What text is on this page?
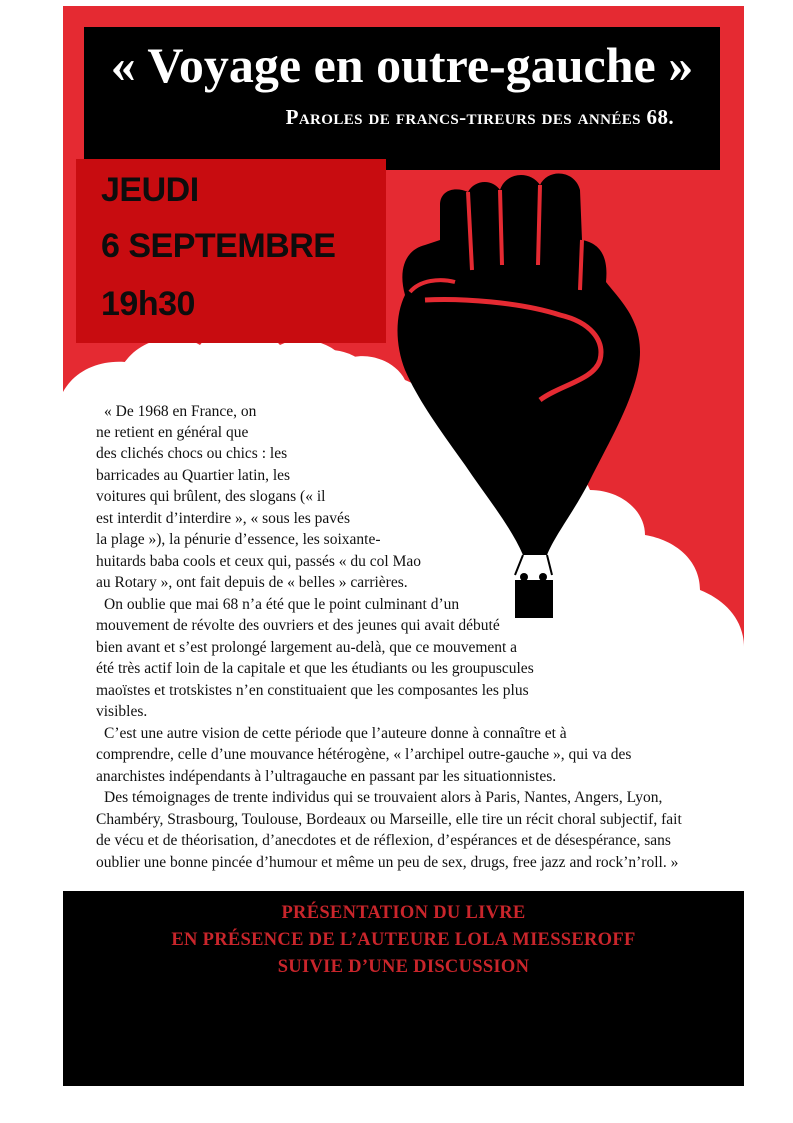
« Voyage en outre-gauche »
Paroles de francs-tireurs des années 68.
JEUDI
6 SEPTEMBRE
19h30
« De 1968 en France, on
ne retient en général que
des clichés chocs ou chics : les
barricades au Quartier latin, les
voitures qui brûlent, des slogans (« il
est interdit d’interdire », « sous les pavés
la plage »), la pénurie d’essence, les soixante-
huitards baba cools et ceux qui, passés « du col Mao
au Rotary », ont fait depuis de « belles » carrières.
On oublie que mai 68 n’a été que le point culminant d’un
mouvement de révolte des ouvriers et des jeunes qui avait débuté
bien avant et s’est prolongé largement au-delà, que ce mouvement a
été très actif loin de la capitale et que les étudiants ou les groupuscules
maoïstes et trotskistes n’en constituaient que les composantes les plus
visibles.
C’est une autre vision de cette période que l’auteure donne à connaître et à
comprendre, celle d’une mouvance hétérogène, « l’archipel outre-gauche », qui va des
anarchistes indépendants à l’ultragauche en passant par les situationnistes.
Des témoignages de trente individus qui se trouvaient alors à Paris, Nantes, Angers, Lyon,
Chambéry, Strasbourg, Toulouse, Bordeaux ou Marseille, elle tire un récit choral subjectif, fait
de vécu et de théorisation, d’anecdotes et de réflexion, d’espérances et de désespérance, sans
oublier une bonne pincée d’humour et même un peu de sex, drugs, free jazz and rock’n’roll. »
PRÉSENTATION DU LIVRE
EN PRÉSENCE DE L’AUTEURE LOLA MIESSEROFF
SUIVIE D’UNE DISCUSSION
